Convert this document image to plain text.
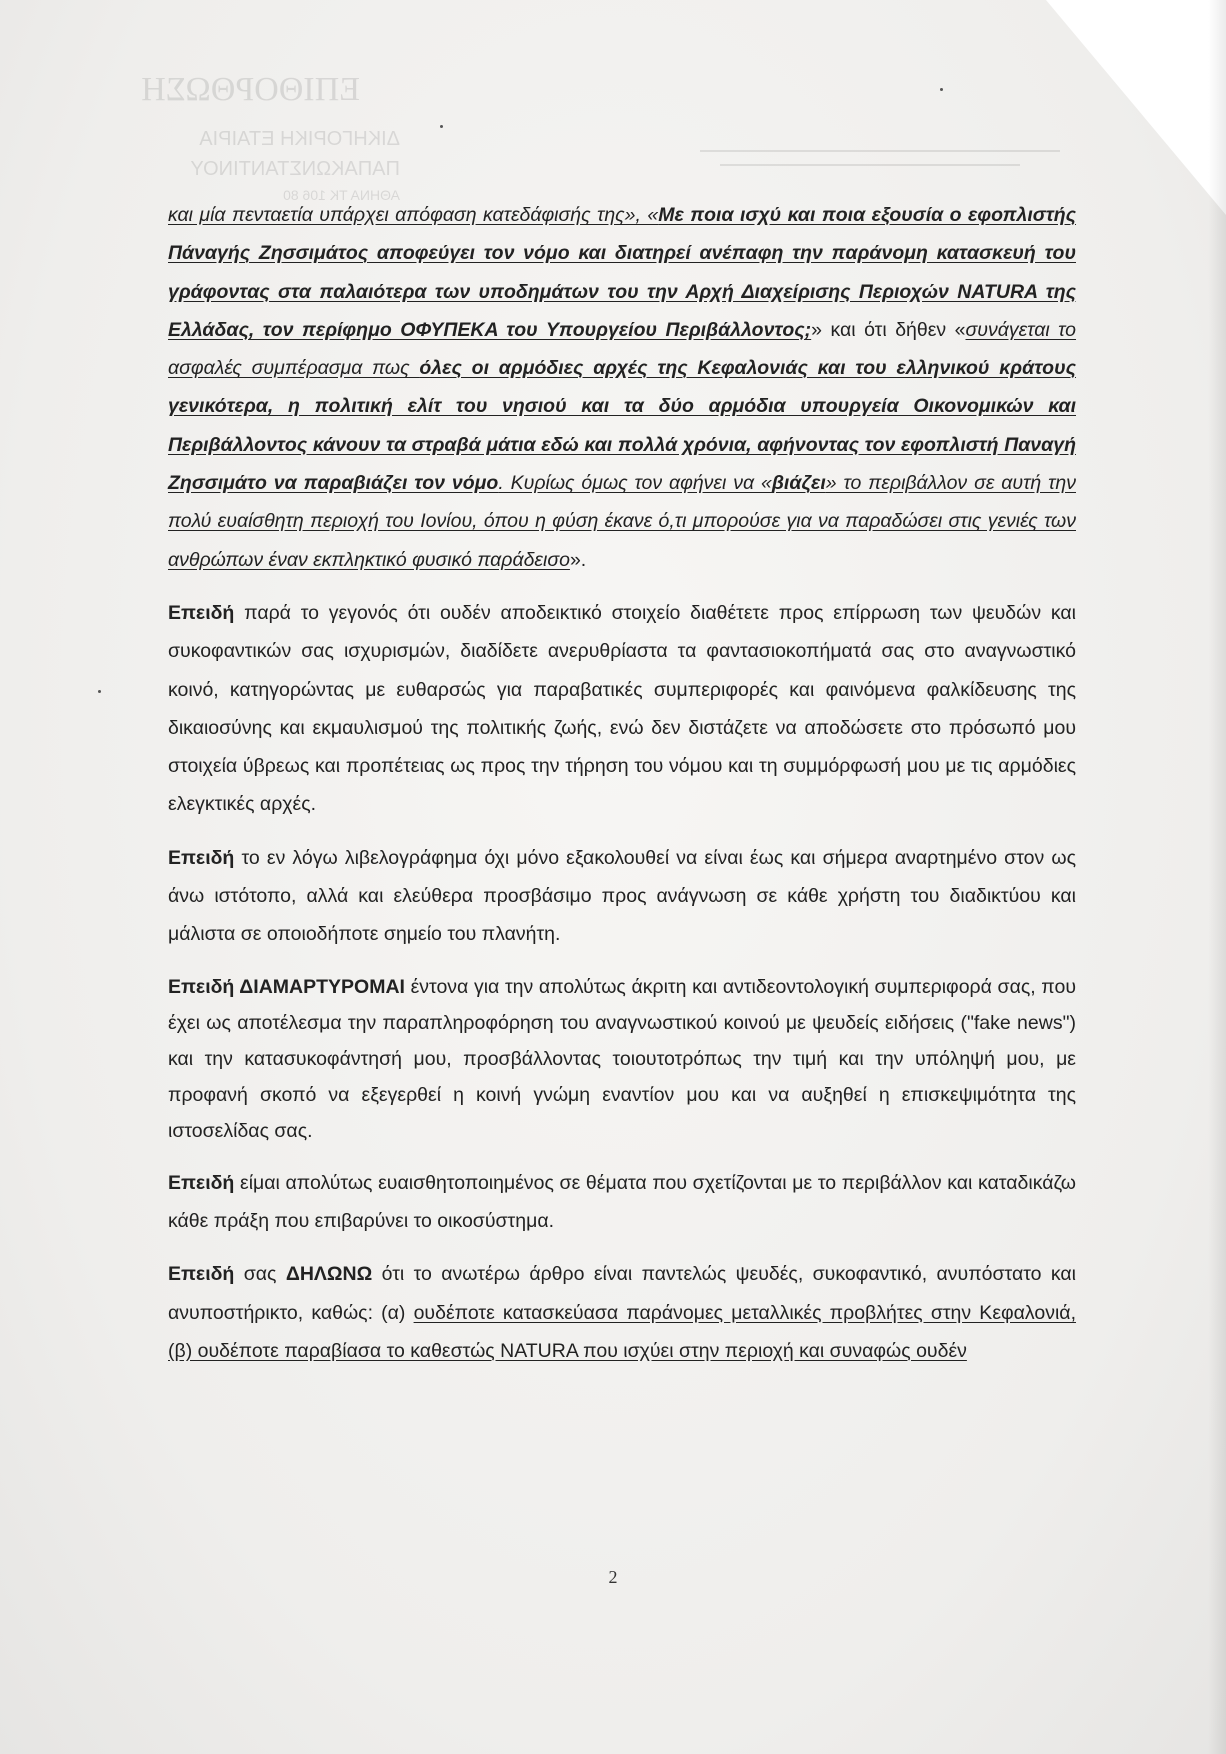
ΕΠΙΘΟΡΘΩΣΗ
ΔΙΚΗΓΟΡΙΚΗ ΕΤΑΙΡΙΑ
ΠΑΠΑΚΩΝΣΤΑΝΤΙΝΟΥ
ΑΘΗΝΑ ΤΚ 106 80

και μία πενταετία υπάρχει απόφαση κατεδάφισής της», «Με ποια ισχύ και ποια εξουσία ο εφοπλιστής Πάναγής Ζησσιμάτος αποφεύγει τον νόμο και διατηρεί ανέπαφη την παράνομη κατασκευή του γράφοντας στα παλαιότερα των υποδημάτων του την Αρχή Διαχείρισης Περιοχών NATURA της Ελλάδας, τον περίφημο ΟΦΥΠΕΚΑ του Υπουργείου Περιβάλλοντος;» και ότι δήθεν «συνάγεται το ασφαλές συμπέρασμα πως όλες οι αρμόδιες αρχές της Κεφαλονιάς και του ελληνικού κράτους γενικότερα, η πολιτική ελίτ του νησιού και τα δύο αρμόδια υπουργεία Οικονομικών και Περιβάλλοντος κάνουν τα στραβά μάτια εδώ και πολλά χρόνια, αφήνοντας τον εφοπλιστή Παναγή Ζησσιμάτο να παραβιάζει τον νόμο. Κυρίως όμως τον αφήνει να «βιάζει» το περιβάλλον σε αυτή την πολύ ευαίσθητη περιοχή του Ιονίου, όπου η φύση έκανε ό,τι μπορούσε για να παραδώσει στις γενιές των ανθρώπων έναν εκπληκτικό φυσικό παράδεισο».

Επειδή παρά το γεγονός ότι ουδέν αποδεικτικό στοιχείο διαθέτετε προς επίρρωση των ψευδών και συκοφαντικών σας ισχυρισμών, διαδίδετε ανερυθρίαστα τα φαντασιοκοπήματά σας στο αναγνωστικό κοινό, κατηγορώντας με ευθαρσώς για παραβατικές συμπεριφορές και φαινόμενα φαλκίδευσης της δικαιοσύνης και εκμαυλισμού της πολιτικής ζωής, ενώ δεν διστάζετε να αποδώσετε στο πρόσωπό μου στοιχεία ύβρεως και προπέτειας ως προς την τήρηση του νόμου και τη συμμόρφωσή μου με τις αρμόδιες ελεγκτικές αρχές.

Επειδή το εν λόγω λιβελογράφημα όχι μόνο εξακολουθεί να είναι έως και σήμερα αναρτημένο στον ως άνω ιστότοπο, αλλά και ελεύθερα προσβάσιμο προς ανάγνωση σε κάθε χρήστη του διαδικτύου και μάλιστα σε οποιοδήποτε σημείο του πλανήτη.

Επειδή ΔΙΑΜΑΡΤΥΡΟΜΑΙ έντονα για την απολύτως άκριτη και αντιδεοντολογική συμπεριφορά σας, που έχει ως αποτέλεσμα την παραπληροφόρηση του αναγνωστικού κοινού με ψευδείς ειδήσεις ("fake news") και την κατασυκοφάντησή μου, προσβάλλοντας τοιουτοτρόπως την τιμή και την υπόληψή μου, με προφανή σκοπό να εξεγερθεί η κοινή γνώμη εναντίον μου και να αυξηθεί η επισκεψιμότητα της ιστοσελίδας σας.

Επειδή είμαι απολύτως ευαισθητοποιημένος σε θέματα που σχετίζονται με το περιβάλλον και καταδικάζω κάθε πράξη που επιβαρύνει το οικοσύστημα.

Επειδή σας ΔΗΛΩΝΩ ότι το ανωτέρω άρθρο είναι παντελώς ψευδές, συκοφαντικό, ανυπόστατο και ανυποστήρικτο, καθώς: (α) ουδέποτε κατασκεύασα παράνομες μεταλλικές προβλήτες στην Κεφαλονιά, (β) ουδέποτε παραβίασα το καθεστώς NATURA που ισχύει στην περιοχή και συναφώς ουδέν

2
